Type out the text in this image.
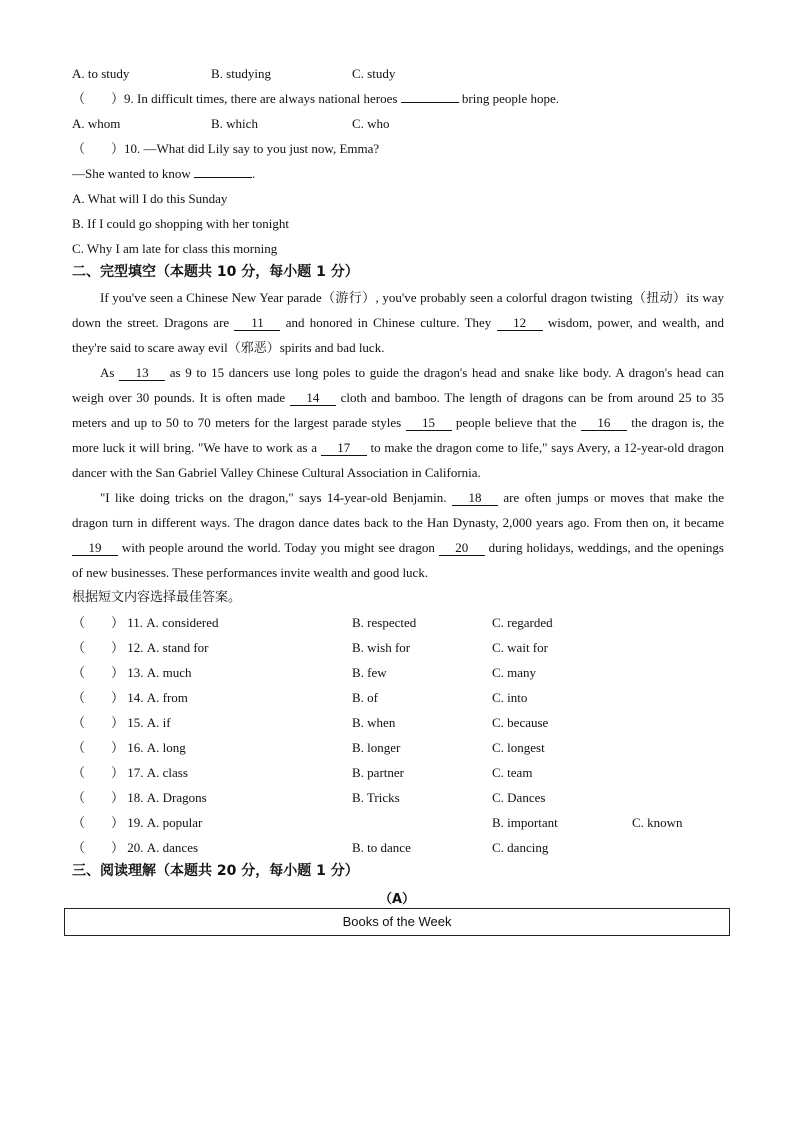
A. to study	B. studying	C. study
（　　）9. In difficult times, there are always national heroes	bring people hope.
A. whom	B. which	C. who
（　　）10. —What did Lily say to you just now, Emma?
—She wanted to know	.
A. What will I do this Sunday
B. If I could go shopping with her tonight
C. Why I am late for class this morning
二、完型填空（本题共 10 分，每小题 1 分）
If you've seen a Chinese New Year parade（游行）, you've probably seen a colorful dragon twisting（扭动）its way down the street. Dragons are 11 and honored in Chinese culture. They 12 wisdom, power, and wealth, and they're said to scare away evil（邪恶）spirits and bad luck.
As 13 as 9 to 15 dancers use long poles to guide the dragon's head and snake like body. A dragon's head can weigh over 30 pounds. It is often made 14 cloth and bamboo. The length of dragons can be from around 25 to 35 meters and up to 50 to 70 meters for the largest parade styles 15 people believe that the 16 the dragon is, the more luck it will bring. "We have to work as a 17 to make the dragon come to life," says Avery, a 12-year-old dragon dancer with the San Gabriel Valley Chinese Cultural Association in California.
"I like doing tricks on the dragon," says 14-year-old Benjamin. 18 are often jumps or moves that make the dragon turn in different ways. The dragon dance dates back to the Han Dynasty, 2,000 years ago. From then on, it became 19 with people around the world. Today you might see dragon 20 during holidays, weddings, and the openings of new businesses. These performances invite wealth and good luck.
根据短文内容选择最佳答案。
（　　） 11. A. considered	B. respected	C. regarded
（　　） 12. A. stand for	B. wish for	C. wait for
（　　） 13. A. much	B. few	C. many
（　　） 14. A. from	B. of	C. into
（　　） 15. A. if	B. when	C. because
（　　） 16. A. long	B. longer	C. longest
（　　） 17. A. class	B. partner	C. team
（　　） 18. A. Dragons	B. Tricks	C. Dances
（　　） 19. A. popular	B. important	C. known
（　　） 20. A. dances	B. to dance	C. dancing
三、阅读理解（本题共 20 分，每小题 1 分）
（A）
Books of the Week
